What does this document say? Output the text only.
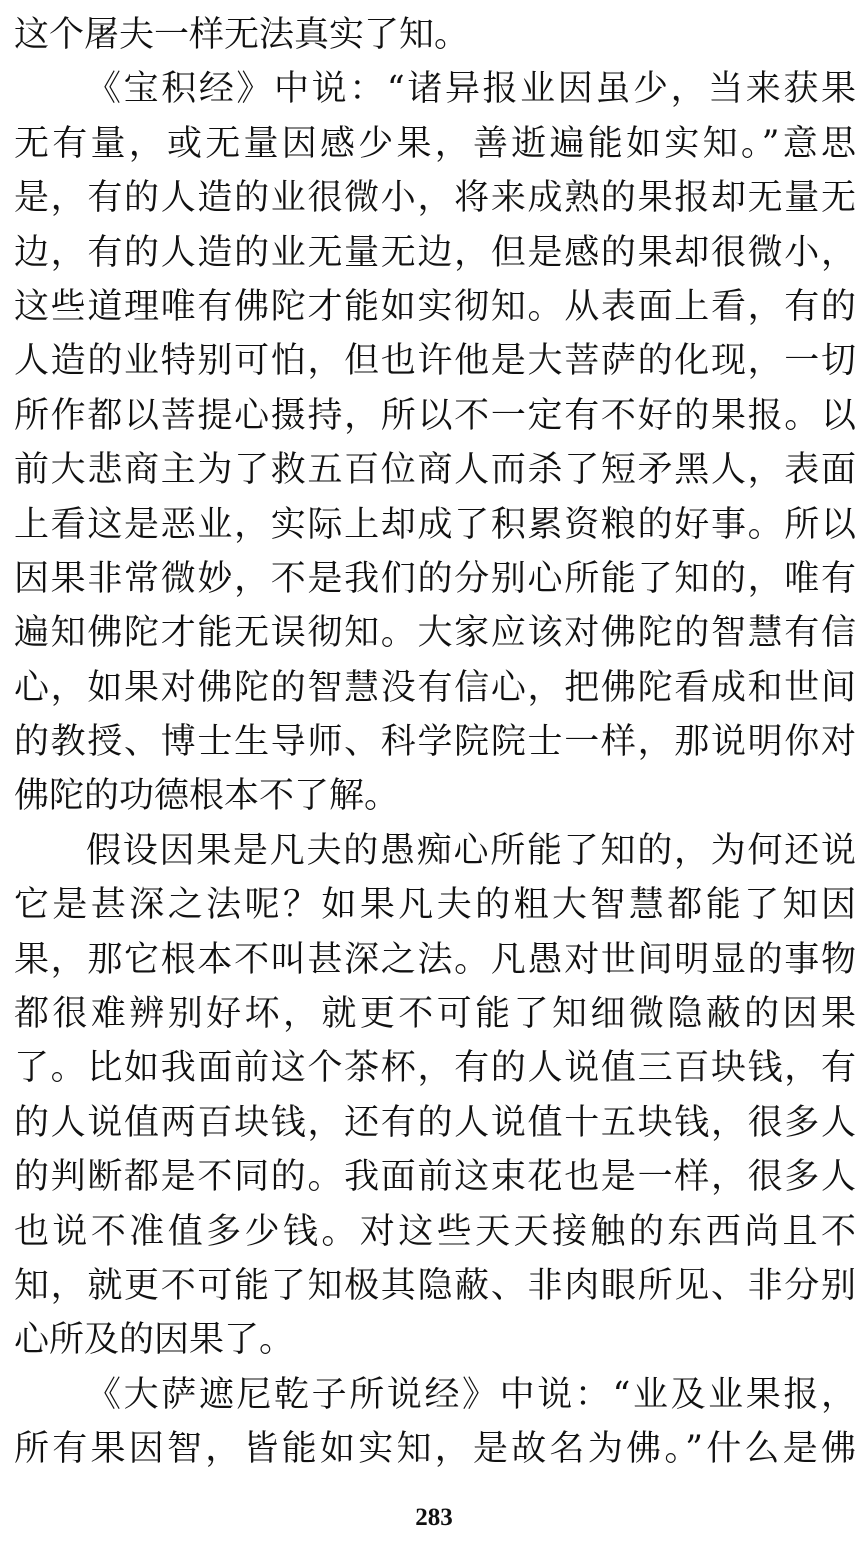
这个屠夫一样无法真实了知。
《宝积经》中说：“诸异报业因虽少，当来获果
无有量，或无量因感少果，善逝遍能如实知。”意思
是，有的人造的业很微小，将来成熟的果报却无量无
边，有的人造的业无量无边，但是感的果却很微小，
这些道理唯有佛陀才能如实彻知。从表面上看，有的
人造的业特别可怕，但也许他是大菩萨的化现，一切
所作都以菩提心摄持，所以不一定有不好的果报。以
前大悲商主为了救五百位商人而杀了短矛黑人，表面
上看这是恶业，实际上却成了积累资粮的好事。所以
因果非常微妙，不是我们的分别心所能了知的，唯有
遍知佛陀才能无误彻知。大家应该对佛陀的智慧有信
心，如果对佛陀的智慧没有信心，把佛陀看成和世间
的教授、博士生导师、科学院院士一样，那说明你对
佛陀的功德根本不了解。
假设因果是凡夫的愚痴心所能了知的，为何还说
它是甚深之法呢？如果凡夫的粗大智慧都能了知因
果，那它根本不叫甚深之法。凡愚对世间明显的事物
都很难辨别好坏，就更不可能了知细微隐蔽的因果
了。比如我面前这个茶杯，有的人说值三百块钱，有
的人说值两百块钱，还有的人说值十五块钱，很多人
的判断都是不同的。我面前这束花也是一样，很多人
也说不准值多少钱。对这些天天接触的东西尚且不
知，就更不可能了知极其隐蔽、非肉眼所见、非分别
心所及的因果了。
《大萨遮尼乾子所说经》中说：“业及业果报，
所有果因智，皆能如实知，是故名为佛。”什么是佛
283
